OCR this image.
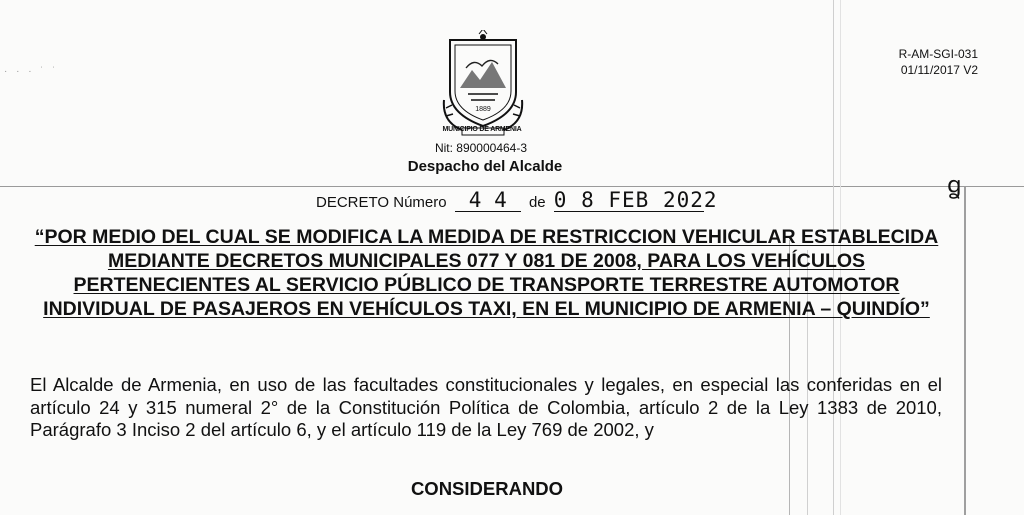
· · · ˙ ˙
1889
MUNICIPIO DE ARMENIA
Nit: 890000464-3
Despacho del Alcalde
R-AM-SGI-031
01/11/2017 V2
DECRETO Número 4 4 de 0 8 FEB 2022
ꬶ
“POR MEDIO DEL CUAL SE MODIFICA LA MEDIDA DE RESTRICCION VEHICULAR ESTABLECIDA MEDIANTE DECRETOS MUNICIPALES 077 Y 081 DE 2008, PARA LOS VEHÍCULOS PERTENECIENTES AL SERVICIO PÚBLICO DE TRANSPORTE TERRESTRE AUTOMOTOR INDIVIDUAL DE PASAJEROS EN VEHÍCULOS TAXI, EN EL MUNICIPIO DE ARMENIA – QUINDÍO”
El Alcalde de Armenia, en uso de las facultades constitucionales y legales, en especial las conferidas en el artículo 24 y 315 numeral 2° de la Constitución Política de Colombia, artículo 2 de la Ley 1383 de 2010, Parágrafo 3 Inciso 2 del artículo 6, y el artículo 119 de la Ley 769 de 2002, y
CONSIDERANDO
